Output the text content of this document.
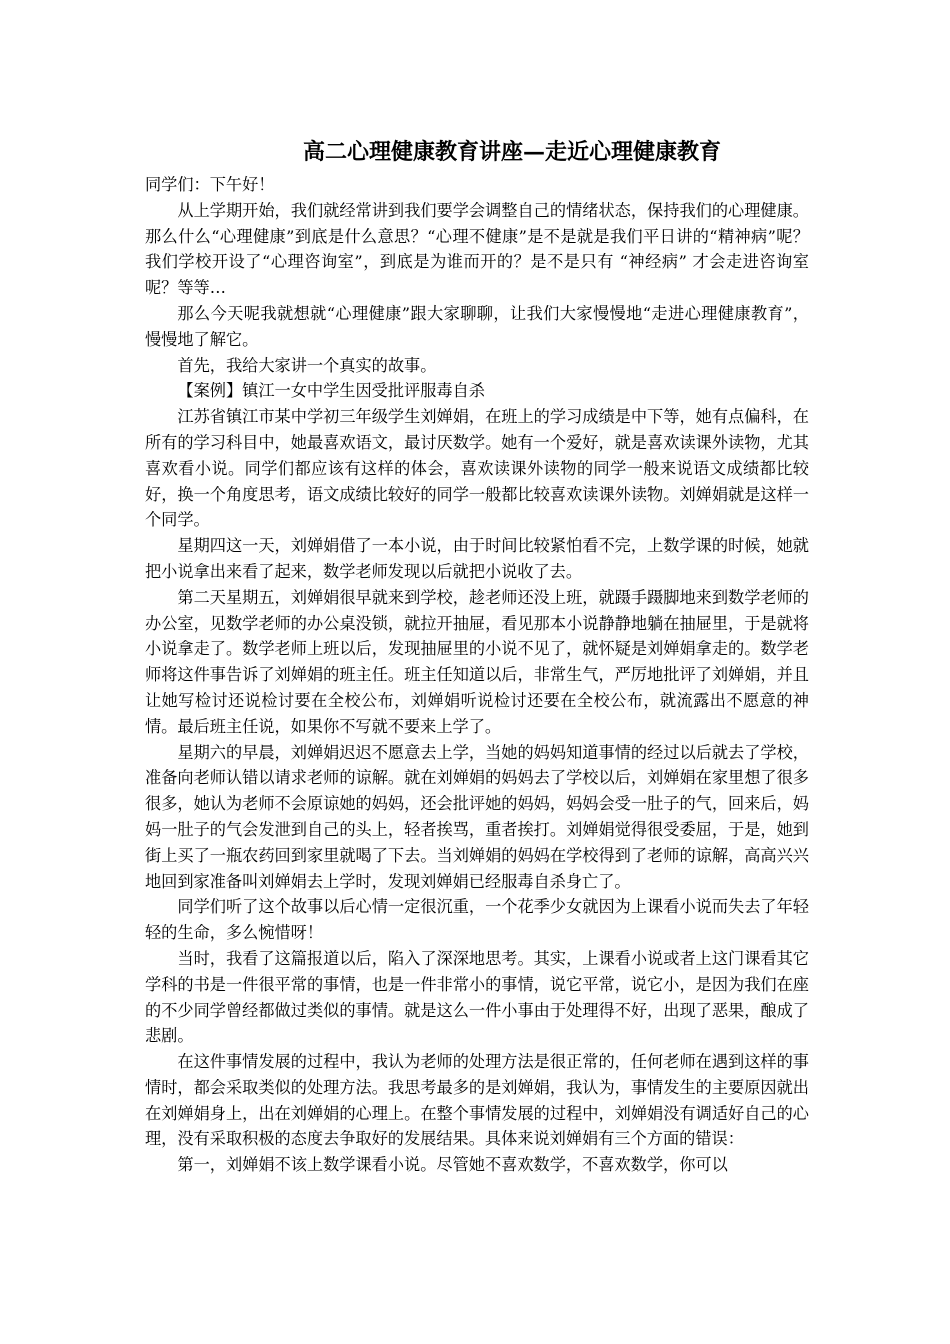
高二心理健康教育讲座—走近心理健康教育

同学们：下午好！

从上学期开始，我们就经常讲到我们要学会调整自己的情绪状态，保持我们的心理健康。那么什么“心理健康”到底是什么意思？“心理不健康”是不是就是我们平日讲的“精神病”呢？我们学校开设了“心理咨询室”，到底是为谁而开的？是不是只有 “神经病” 才会走进咨询室呢？等等…

那么今天呢我就想就“心理健康”跟大家聊聊，让我们大家慢慢地“走进心理健康教育”，慢慢地了解它。

首先，我给大家讲一个真实的故事。

【案例】镇江一女中学生因受批评服毒自杀

江苏省镇江市某中学初三年级学生刘婵娟，在班上的学习成绩是中下等，她有点偏科，在所有的学习科目中，她最喜欢语文，最讨厌数学。她有一个爱好，就是喜欢读课外读物，尤其喜欢看小说。同学们都应该有这样的体会，喜欢读课外读物的同学一般来说语文成绩都比较好，换一个角度思考，语文成绩比较好的同学一般都比较喜欢读课外读物。刘婵娟就是这样一个同学。

星期四这一天，刘婵娟借了一本小说，由于时间比较紧怕看不完，上数学课的时候，她就把小说拿出来看了起来，数学老师发现以后就把小说收了去。

第二天星期五，刘婵娟很早就来到学校，趁老师还没上班，就蹑手蹑脚地来到数学老师的办公室，见数学老师的办公桌没锁，就拉开抽屉，看见那本小说静静地躺在抽屉里，于是就将小说拿走了。数学老师上班以后，发现抽屉里的小说不见了，就怀疑是刘婵娟拿走的。数学老师将这件事告诉了刘婵娟的班主任。班主任知道以后，非常生气，严厉地批评了刘婵娟，并且让她写检讨还说检讨要在全校公布，刘婵娟听说检讨还要在全校公布，就流露出不愿意的神情。最后班主任说，如果你不写就不要来上学了。

星期六的早晨，刘婵娟迟迟不愿意去上学，当她的妈妈知道事情的经过以后就去了学校，准备向老师认错以请求老师的谅解。就在刘婵娟的妈妈去了学校以后，刘婵娟在家里想了很多很多，她认为老师不会原谅她的妈妈，还会批评她的妈妈，妈妈会受一肚子的气，回来后，妈妈一肚子的气会发泄到自己的头上，轻者挨骂，重者挨打。刘婵娟觉得很受委屈，于是，她到街上买了一瓶农药回到家里就喝了下去。当刘婵娟的妈妈在学校得到了老师的谅解，高高兴兴地回到家准备叫刘婵娟去上学时，发现刘婵娟已经服毒自杀身亡了。

同学们听了这个故事以后心情一定很沉重，一个花季少女就因为上课看小说而失去了年轻轻的生命，多么惋惜呀！

当时，我看了这篇报道以后，陷入了深深地思考。其实，上课看小说或者上这门课看其它学科的书是一件很平常的事情，也是一件非常小的事情，说它平常，说它小，是因为我们在座的不少同学曾经都做过类似的事情。就是这么一件小事由于处理得不好，出现了恶果，酿成了悲剧。

在这件事情发展的过程中，我认为老师的处理方法是很正常的，任何老师在遇到这样的事情时，都会采取类似的处理方法。我思考最多的是刘婵娟，我认为，事情发生的主要原因就出在刘婵娟身上，出在刘婵娟的心理上。在整个事情发展的过程中，刘婵娟没有调适好自己的心理，没有采取积极的态度去争取好的发展结果。具体来说刘婵娟有三个方面的错误：

第一，刘婵娟不该上数学课看小说。尽管她不喜欢数学，不喜欢数学，你可以
